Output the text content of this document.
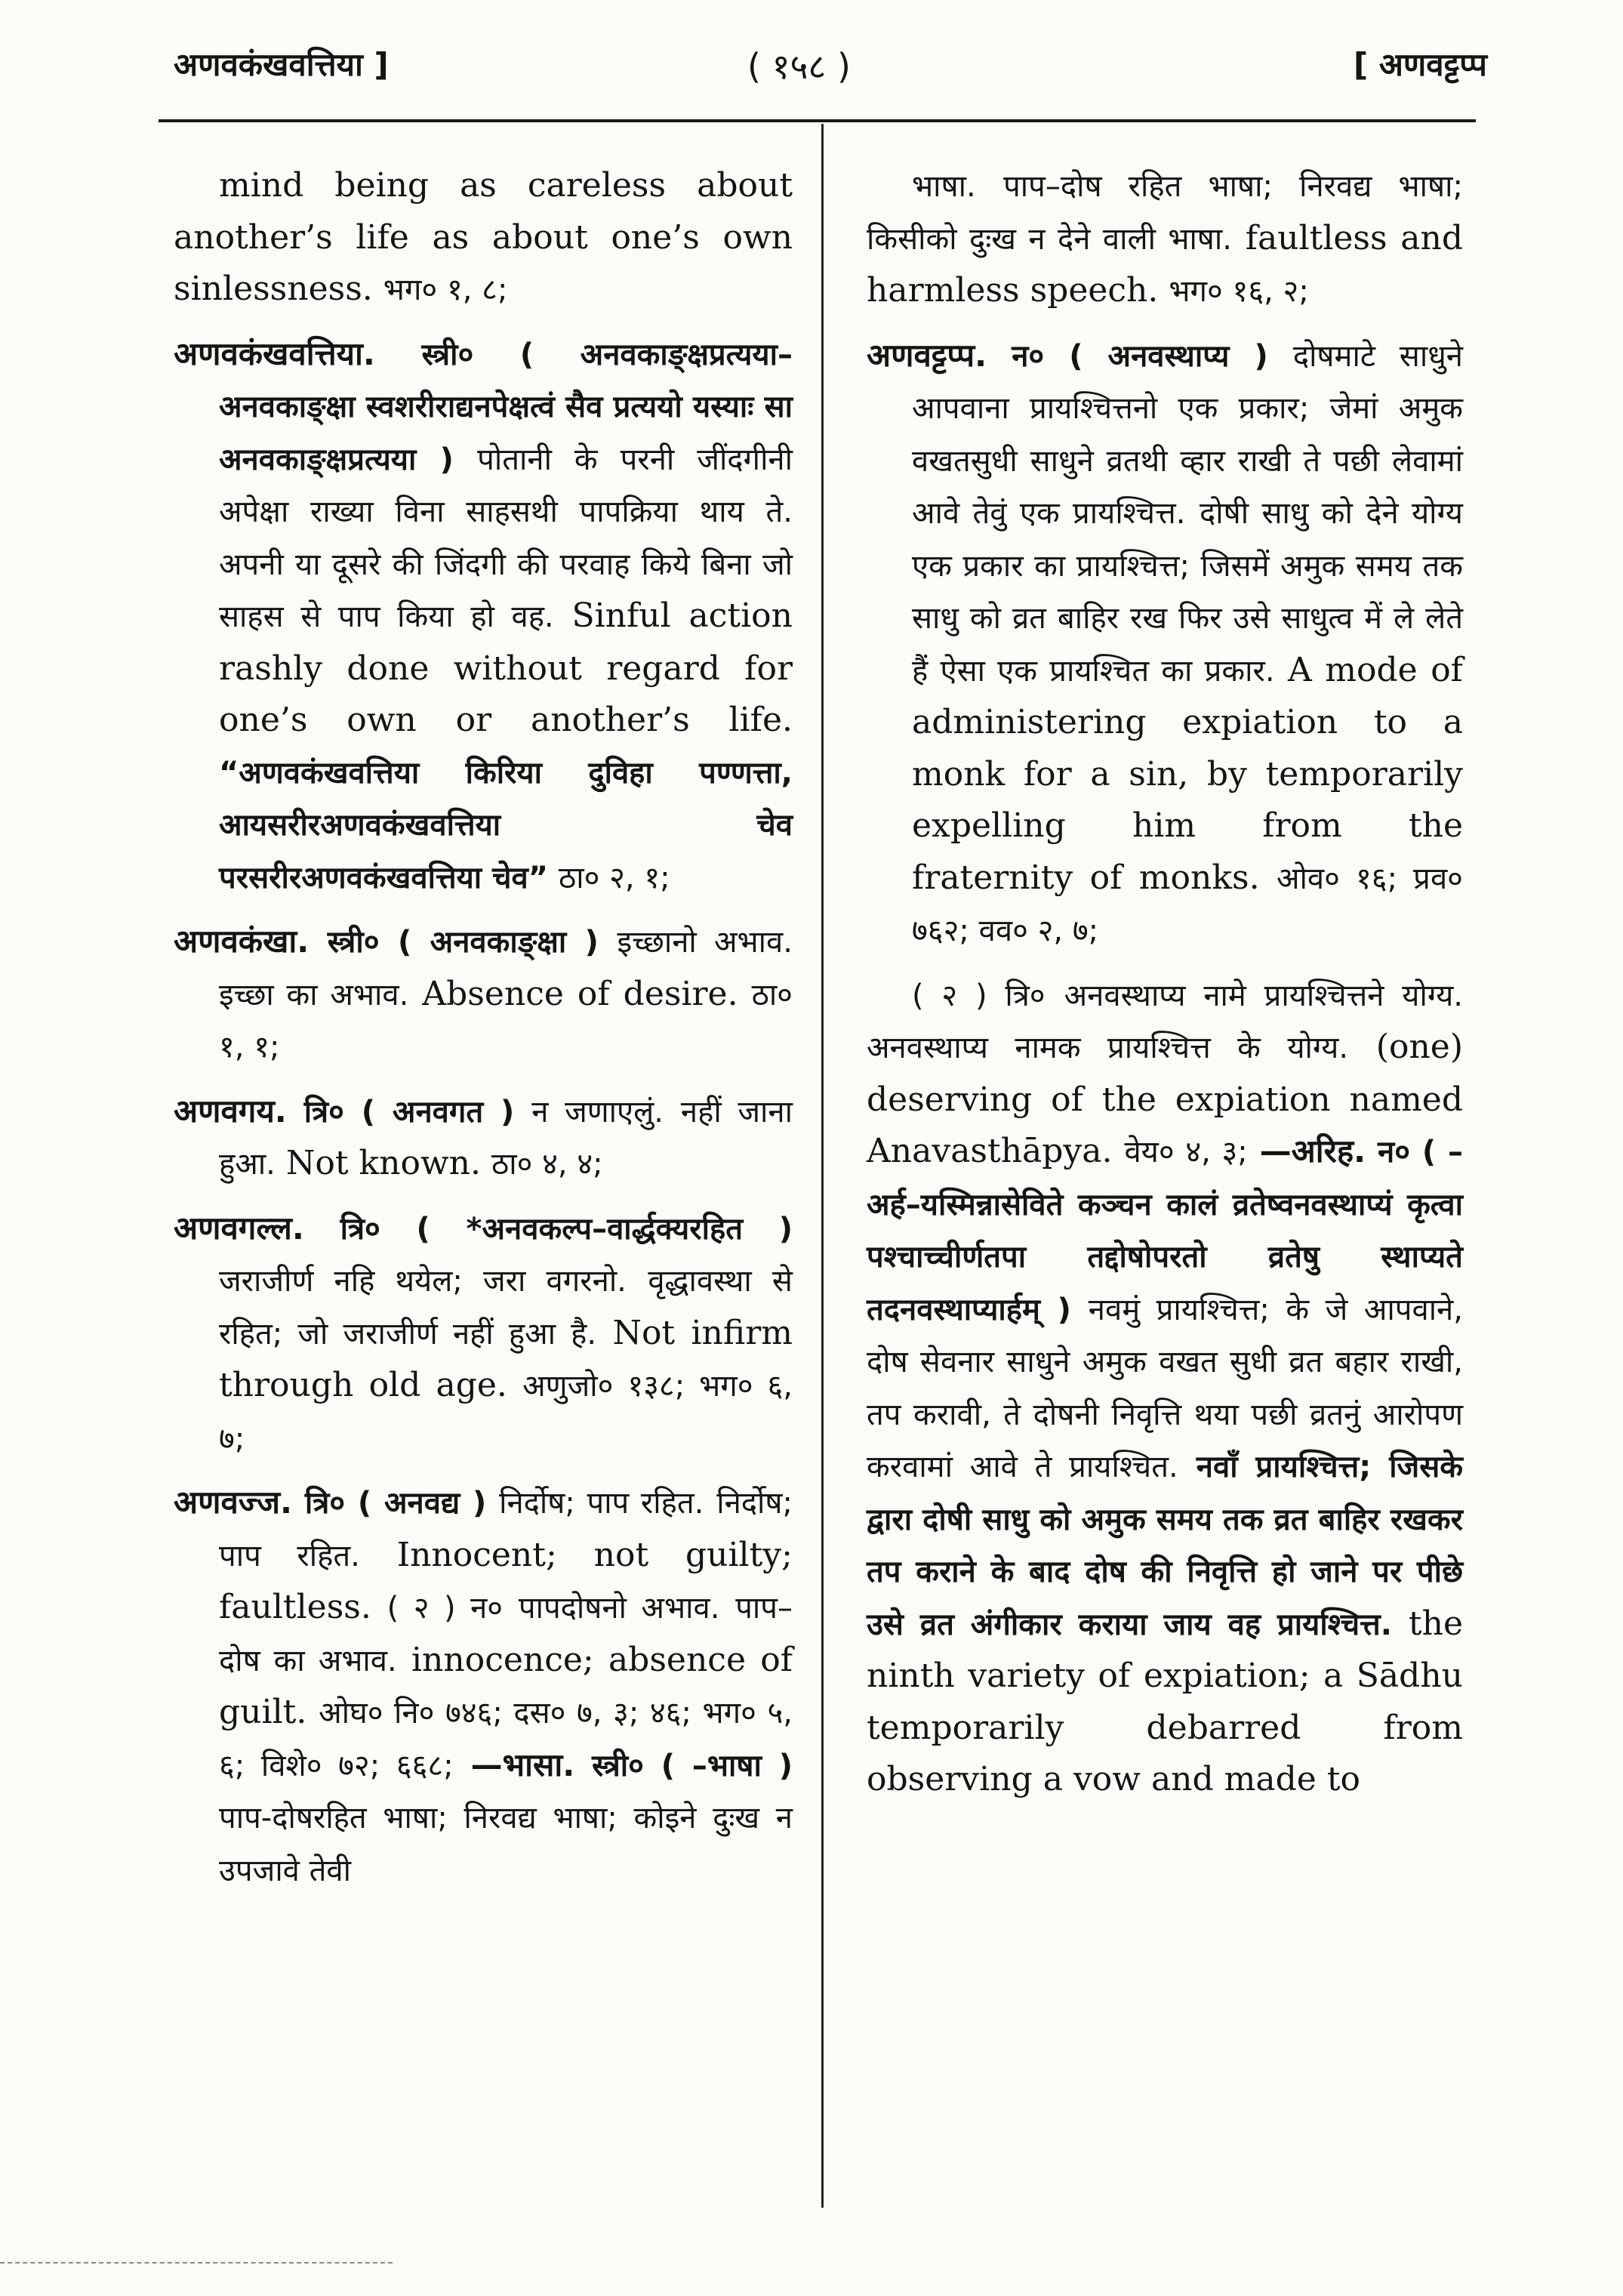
अणवकंखवत्तिया ]	( १५८ )	[ अणवट्टप्प

mind being as careless about another’s life as about one’s own sinlessness. भग० १, ८;

अणवकंखवत्तिया. स्त्री० ( अनवकाङ्क्षप्रत्यया–अनवकाङ्क्षा स्वशरीराद्यनपेक्षत्वं सैव प्रत्ययो यस्याः सा अनवकाङ्क्षप्रत्यया ) पोतानी के परनी जींदगीनी अपेक्षा राख्या विना साहसथी पापक्रिया थाय ते. अपनी या दूसरे की जिंदगी की परवाह किये बिना जो साहस से पाप किया हो वह. Sinful action rashly done without regard for one’s own or another’s life. “अणवकंखवत्तिया किरिया दुविहा पण्णत्ता, आयसरीरअणवकंखवत्तिया चेव परसरीरअणवकंखवत्तिया चेव” ठा० २, १;

अणवकंखा. स्त्री० ( अनवकाङ्क्षा ) इच्छानो अभाव. इच्छा का अभाव. Absence of desire. ठा० १, १;

अणवगय. त्रि० ( अनवगत ) न जणाएलुं. नहीं जाना हुआ. Not known. ठा० ४, ४;

अणवगल्ल. त्रि० ( *अनवकल्प–वार्द्धक्यरहित ) जराजीर्ण नहि थयेल; जरा वगरनो. वृद्धावस्था से रहित; जो जराजीर्ण नहीं हुआ है. Not infirm through old age. अणुजो० १३८; भग० ६, ७;

अणवज्ज. त्रि० ( अनवद्य ) निर्दोष; पाप रहित. निर्दोष; पाप रहित. Innocent; not guilty; faultless. ( २ ) न० पापदोषनो अभाव. पाप–दोष का अभाव. innocence; absence of guilt. ओघ० नि० ७४६; दस० ७, ३; ४६; भग० ५, ६; विशे० ७२; ६६८; —भासा. स्त्री० ( –भाषा ) पाप-दोषरहित भाषा; निरवद्य भाषा; कोइने दुःख न उपजावे तेवी

भाषा. पाप–दोष रहित भाषा; निरवद्य भाषा; किसीको दुःख न देने वाली भाषा. faultless and harmless speech. भग० १६, २;

अणवट्टप्प. न० ( अनवस्थाप्य ) दोषमाटे साधुने आपवाना प्रायश्चित्तनो एक प्रकार; जेमां अमुक वखतसुधी साधुने व्रतथी व्हार राखी ते पछी लेवामां आवे तेवुं एक प्रायश्चित्त. दोषी साधु को देने योग्य एक प्रकार का प्रायश्चित्त; जिसमें अमुक समय तक साधु को व्रत बाहिर रख फिर उसे साधुत्व में ले लेते हैं ऐसा एक प्रायश्चित का प्रकार. A mode of administering expiation to a monk for a sin, by temporarily expelling him from the fraternity of monks. ओव० १६; प्रव० ७६२; वव० २, ७;

( २ ) त्रि० अनवस्थाप्य नामे प्रायश्चित्तने योग्य. अनवस्थाप्य नामक प्रायश्चित्त के योग्य. (one) deserving of the expiation named Anavasthāpya. वेय० ४, ३; —अरिह. न० ( –अर्ह–यस्मिन्नासेविते कञ्चन कालं व्रतेष्वनवस्थाप्यं कृत्वा पश्चाच्चीर्णतपा तद्दोषोपरतो व्रतेषु स्थाप्यते तदनवस्थाप्यार्हम् ) नवमुं प्रायश्चित्त; के जे आपवाने, दोष सेवनार साधुने अमुक वखत सुधी व्रत बहार राखी, तप करावी, ते दोषनी निवृत्ति थया पछी व्रतनुं आरोपण करवामां आवे ते प्रायश्चित. नवाँ प्रायश्चित्त; जिसके द्वारा दोषी साधु को अमुक समय तक व्रत बाहिर रखकर तप कराने के बाद दोष की निवृत्ति हो जाने पर पीछे उसे व्रत अंगीकार कराया जाय वह प्रायश्चित्त. the ninth variety of expiation; a Sādhu temporarily debarred from observing a vow and made to
